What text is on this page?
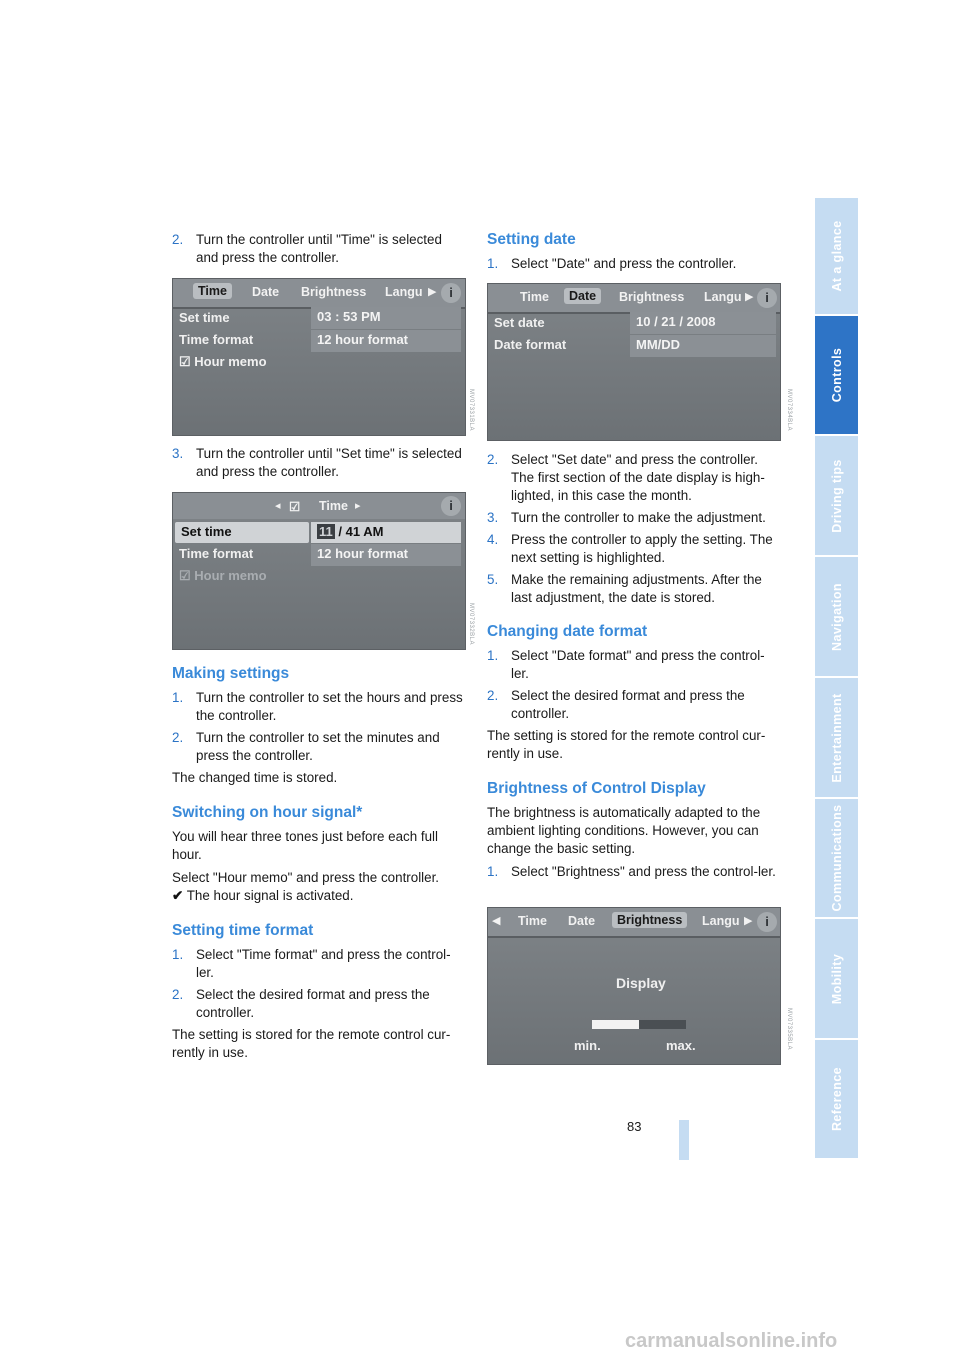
2. Turn the controller until "Time" is selected and press the controller.
Time	Date Brightness Langu ▶ i
Set time	03 : 53 PM
Time format	12 hour format
☑ Hour memo
MV07331BLA
3. Turn the controller until "Set time" is selected and press the controller.
◂ ☑ Time ▸	i
Set time	11 / 41 AM
Time format	12 hour format
☑ Hour memo
MV07332BLA
Making settings
1. Turn the controller to set the hours and press the controller.
2. Turn the controller to set the minutes and press the controller.

The changed time is stored.

Switching on hour signal*

You will hear three tones just before each full hour.

Select "Hour memo" and press the controller.

✔ The hour signal is activated.

Setting time format
1. Select "Time format" and press the control-ler.
2. Select the desired format and press the controller.

The setting is stored for the remote control cur-rently in use.

Setting date
1. Select "Date" and press the controller.
Time	Date	Brightness Langu ▶ i
Set date	10 / 21 / 2008
Date format	MM/DD
MV07334BLA
2. Select "Set date" and press the controller. The first section of the date display is high-lighted, in this case the month.
3. Turn the controller to make the adjustment.
4. Press the controller to apply the setting. The next setting is highlighted.
5. Make the remaining adjustments. After the last adjustment, the date is stored.
Changing date format
1. Select "Date format" and press the control-ler.
2. Select the desired format and press the controller.

The setting is stored for the remote control cur-rently in use.

Brightness of Control Display

The brightness is automatically adapted to the ambient lighting conditions. However, you can change the basic setting.

1. Select "Brightness" and press the control-ler.
◀ Time Date	Brightness	Langu ▶ i
Display
min.	max.	MV07335BLA
At a glance
Controls
Driving tips
Navigation
Entertainment
Communications
Mobility
Reference
83
carmanualsonline.info
